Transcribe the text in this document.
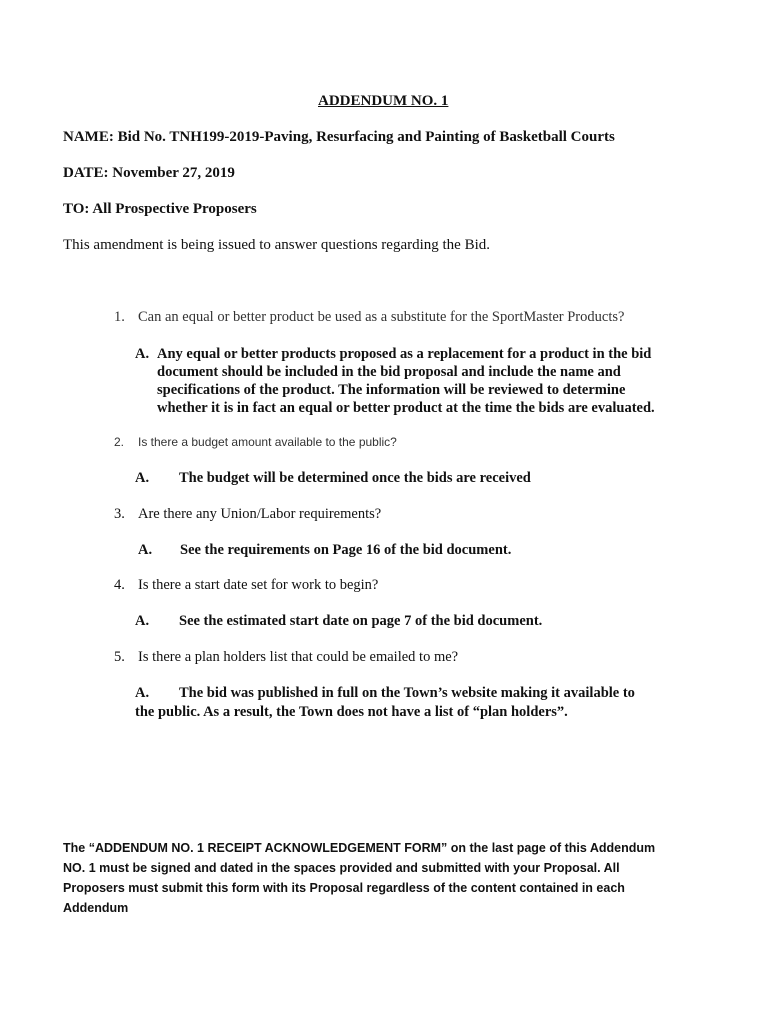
ADDENDUM NO. 1
NAME: Bid No. TNH199-2019-Paving, Resurfacing and Painting of Basketball Courts
DATE: November 27, 2019
TO: All Prospective Proposers
This amendment is being issued to answer questions regarding the Bid.
1. Can an equal or better product be used as a substitute for the SportMaster Products?
A. Any equal or better products proposed as a replacement for a product in the bid
document should be included in the bid proposal and include the name and
specifications of the product. The information will be reviewed to determine
whether it is in fact an equal or better product at the time the bids are evaluated.
2. Is there a budget amount available to the public?
A. The budget will be determined once the bids are received
3. Are there any Union/Labor requirements?
A. See the requirements on Page 16 of the bid document.
4. Is there a start date set for work to begin?
A. See the estimated start date on page 7 of the bid document.
5. Is there a plan holders list that could be emailed to me?
A. The bid was published in full on the Town’s website making it available to
the public. As a result, the Town does not have a list of “plan holders”.
The “ADDENDUM NO. 1 RECEIPT ACKNOWLEDGEMENT FORM” on the last page of this Addendum
NO. 1 must be signed and dated in the spaces provided and submitted with your Proposal. All
Proposers must submit this form with its Proposal regardless of the content contained in each
Addendum
